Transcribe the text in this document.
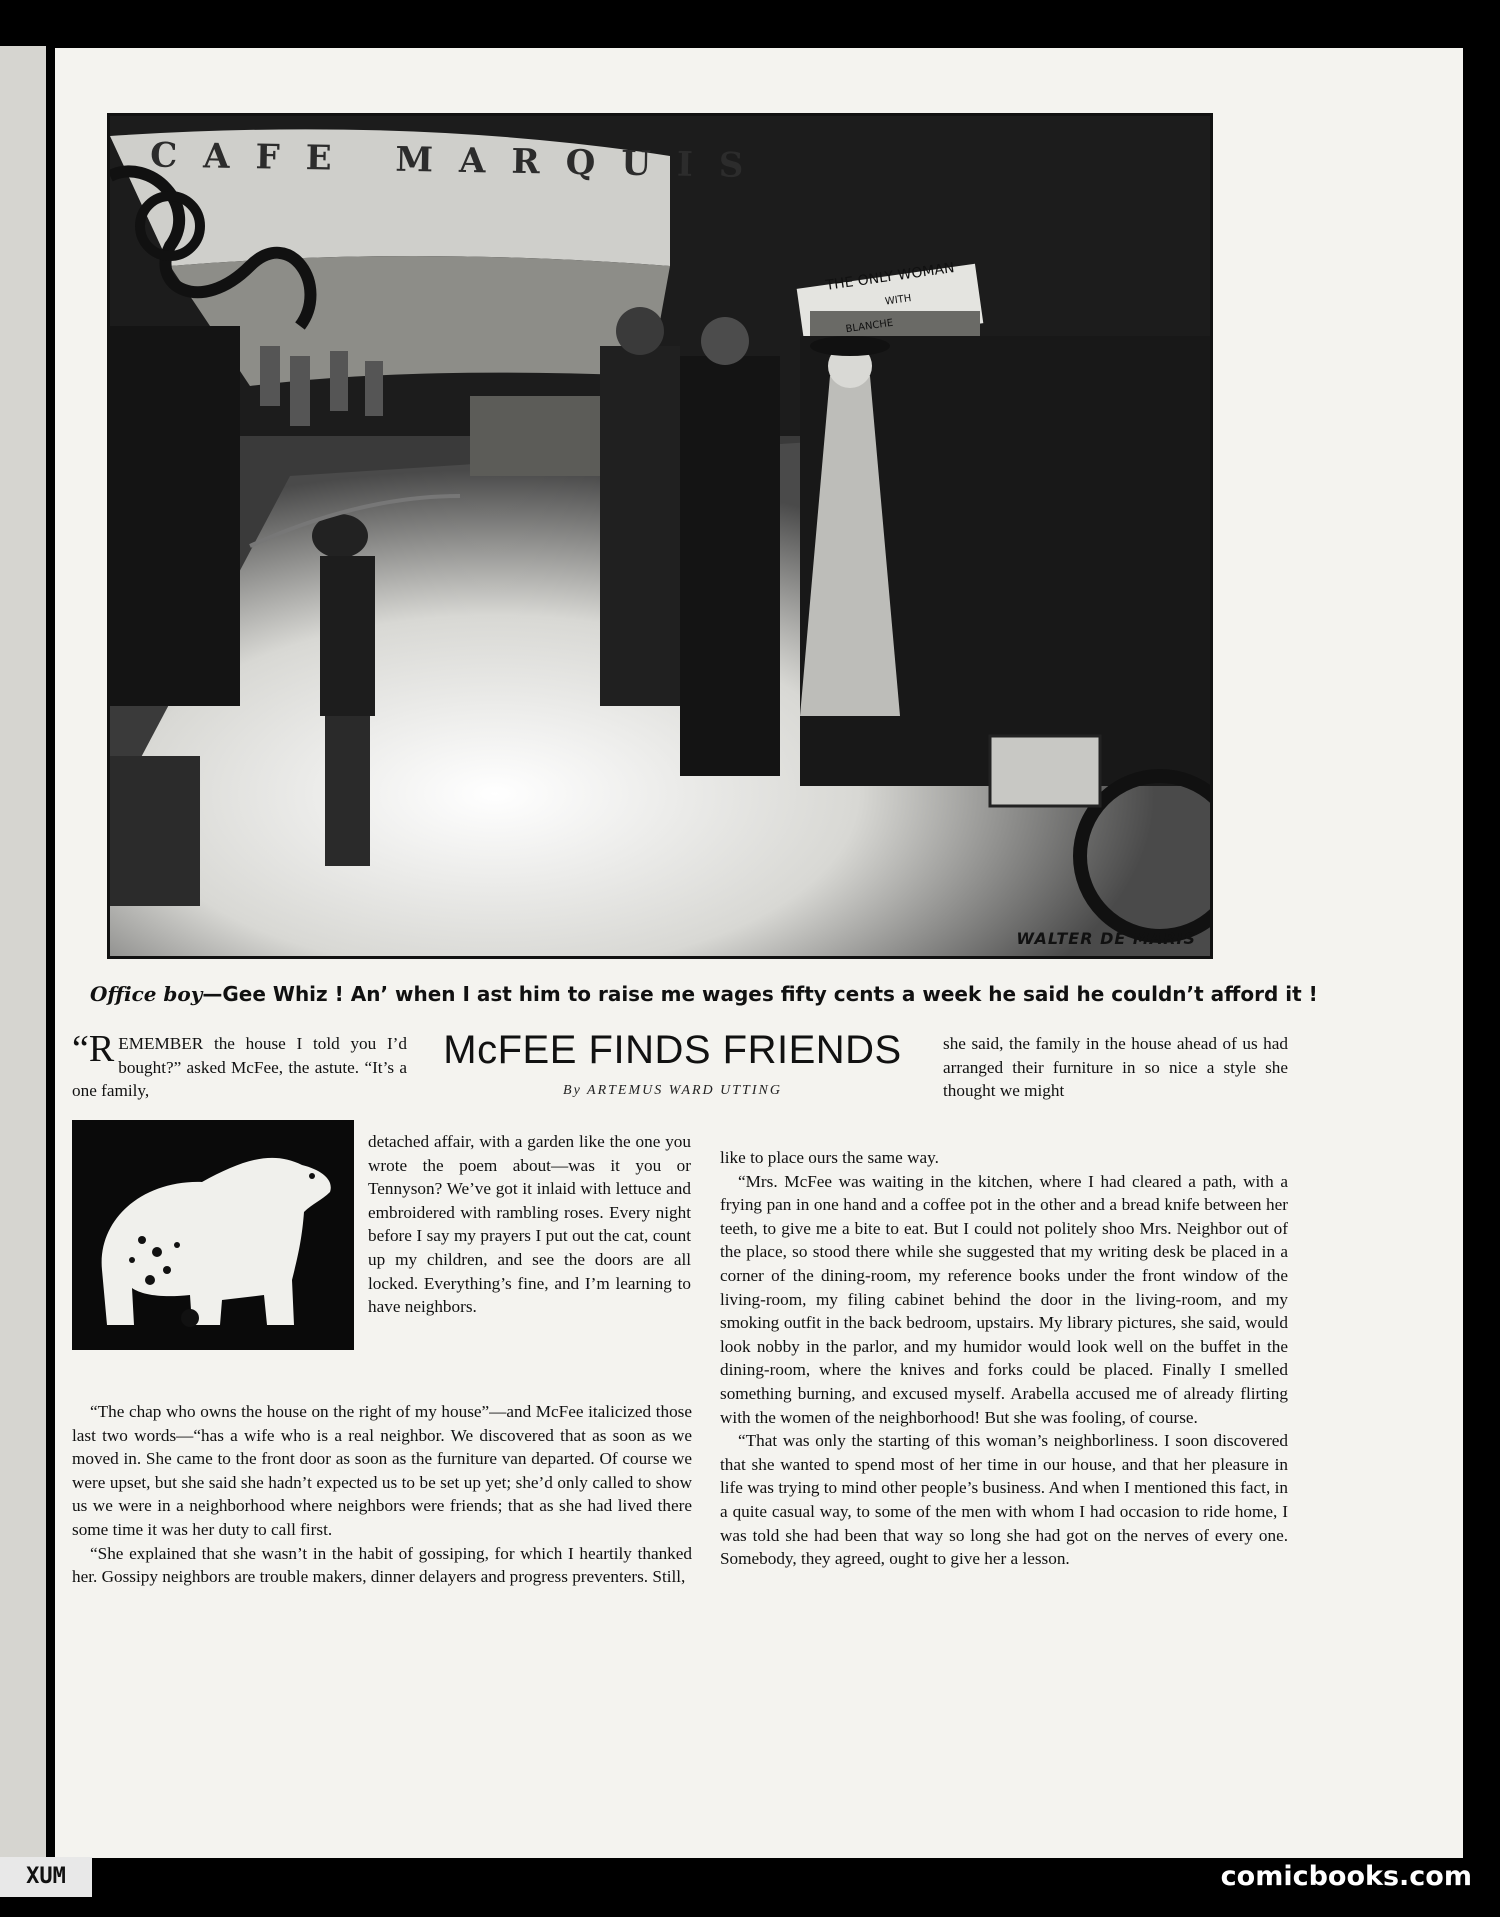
CAFE MARQUIS
THE ONLY WOMAN
WITH
BLANCHE
WALTER DE MARIS
Office boy—Gee Whiz ! An’ when I ast him to raise me wages fifty cents a week he said he couldn’t afford it !
McFEE FINDS FRIENDS
By ARTEMUS WARD UTTING

“REMEMBER the house I told you I’d bought?” asked McFee, the astute. “It’s a one family,

detached affair, with a garden like the one you wrote the poem about—was it you or Tennyson? We’ve got it inlaid with lettuce and embroidered with rambling roses. Every night before I say my prayers I put out the cat, count up my children, and see the doors are all locked. Everything’s fine, and I’m learning to have neighbors.

“The chap who owns the house on the right of my house”—and McFee italicized those last two words—“has a wife who is a real neighbor. We discovered that as soon as we moved in. She came to the front door as soon as the furniture van departed. Of course we were upset, but she said she hadn’t expected us to be set up yet; she’d only called to show us we were in a neighborhood where neighbors were friends; that as she had lived there some time it was her duty to call first.

“She explained that she wasn’t in the habit of gossiping, for which I heartily thanked her. Gossipy neighbors are trouble makers, dinner delayers and progress preventers. Still,

she said, the family in the house ahead of us had arranged their furniture in so nice a style she thought we might

like to place ours the same way.

“Mrs. McFee was waiting in the kitchen, where I had cleared a path, with a frying pan in one hand and a coffee pot in the other and a bread knife between her teeth, to give me a bite to eat. But I could not politely shoo Mrs. Neighbor out of the place, so stood there while she suggested that my writing desk be placed in a corner of the dining-room, my reference books under the front window of the living-room, my filing cabinet behind the door in the living-room, and my smoking outfit in the back bedroom, upstairs. My library pictures, she said, would look nobby in the parlor, and my humidor would look well on the buffet in the dining-room, where the knives and forks could be placed. Finally I smelled something burning, and excused myself. Arabella accused me of already flirting with the women of the neighborhood! But she was fooling, of course.

“That was only the starting of this woman’s neighborliness. I soon discovered that she wanted to spend most of her time in our house, and that her pleasure in life was trying to mind other people’s business. And when I mentioned this fact, in a quite casual way, to some of the men with whom I had occasion to ride home, I was told she had been that way so long she had got on the nerves of every one. Somebody, they agreed, ought to give her a lesson.

XUM	comicbooks.com
